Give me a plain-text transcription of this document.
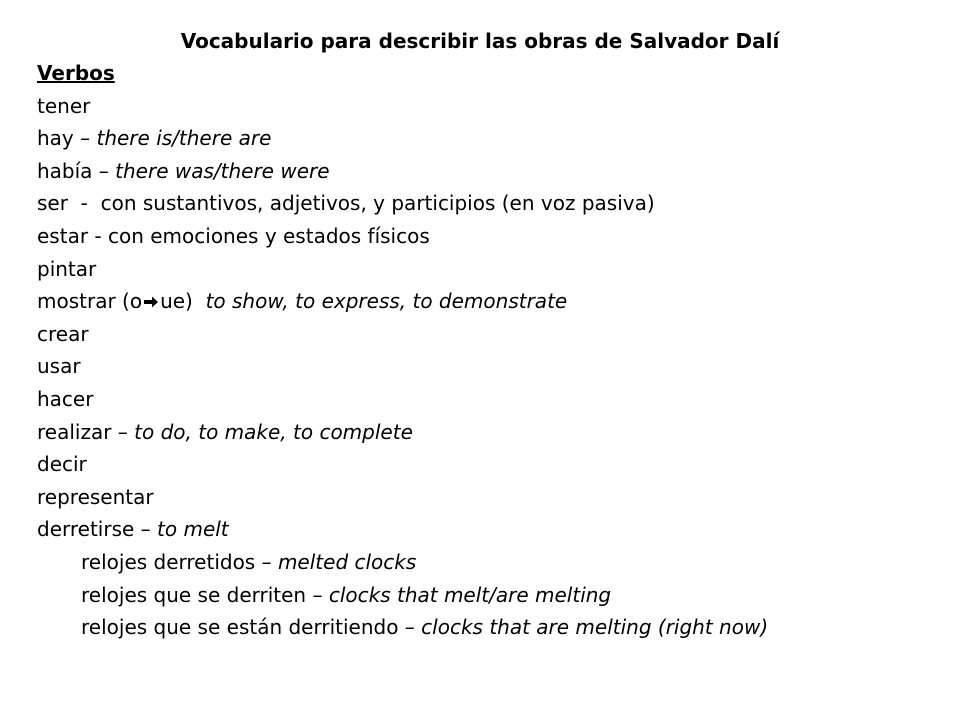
Vocabulario para describir las obras de Salvador Dalí
Verbos
tener
hay – there is/there are
había – there was/there were
ser  -  con sustantivos, adjetivos, y participios (en voz pasiva)
estar - con emociones y estados físicos
pintar
mostrar (o ue)  to show, to express, to demonstrate
crear
usar
hacer
realizar – to do, to make, to complete
decir
representar
derretirse – to melt
relojes derretidos – melted clocks
relojes que se derriten – clocks that melt/are melting
relojes que se están derritiendo – clocks that are melting (right now)
